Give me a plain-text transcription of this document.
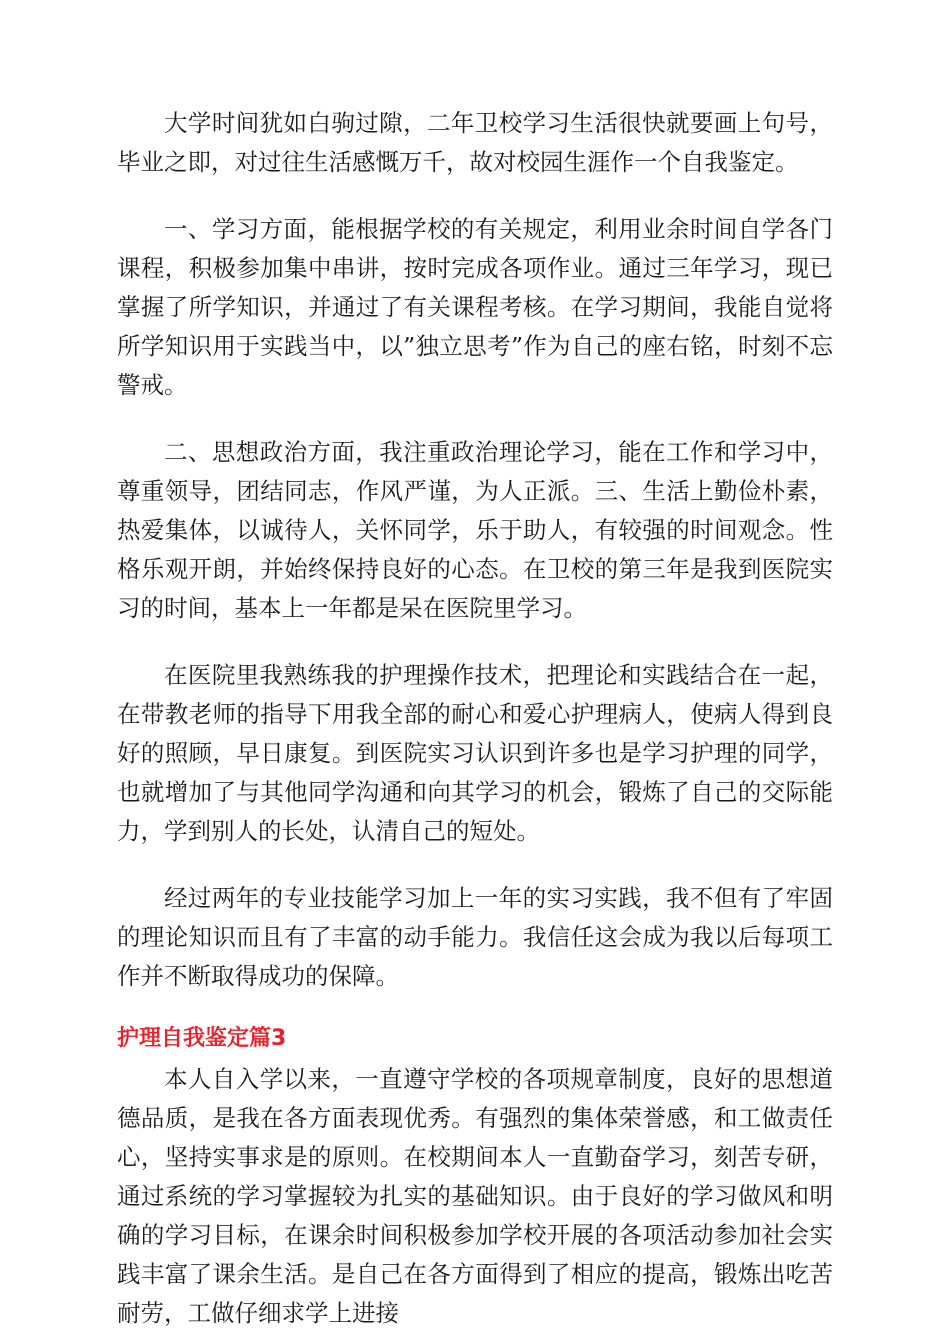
大学时间犹如白驹过隙，二年卫校学习生活很快就要画上句号，毕业之即，对过往生活感慨万千，故对校园生涯作一个自我鉴定。

一、学习方面，能根据学校的有关规定，利用业余时间自学各门课程，积极参加集中串讲，按时完成各项作业。通过三年学习，现已掌握了所学知识，并通过了有关课程考核。在学习期间，我能自觉将所学知识用于实践当中，以”独立思考”作为自己的座右铭，时刻不忘警戒。

二、思想政治方面，我注重政治理论学习，能在工作和学习中，尊重领导，团结同志，作风严谨，为人正派。三、生活上勤俭朴素，热爱集体，以诚待人，关怀同学，乐于助人，有较强的时间观念。性格乐观开朗，并始终保持良好的心态。在卫校的第三年是我到医院实习的时间，基本上一年都是呆在医院里学习。

在医院里我熟练我的护理操作技术，把理论和实践结合在一起，在带教老师的指导下用我全部的耐心和爱心护理病人，使病人得到良好的照顾，早日康复。到医院实习认识到许多也是学习护理的同学，也就增加了与其他同学沟通和向其学习的机会，锻炼了自己的交际能力，学到别人的长处，认清自己的短处。

经过两年的专业技能学习加上一年的实习实践，我不但有了牢固的理论知识而且有了丰富的动手能力。我信任这会成为我以后每项工作并不断取得成功的保障。

护理自我鉴定篇3

本人自入学以来，一直遵守学校的各项规章制度，良好的思想道德品质，是我在各方面表现优秀。有强烈的集体荣誉感，和工做责任心，坚持实事求是的原则。在校期间本人一直勤奋学习，刻苦专研，通过系统的学习掌握较为扎实的基础知识。由于良好的学习做风和明确的学习目标，在课余时间积极参加学校开展的各项活动参加社会实践丰富了课余生活。是自己在各方面得到了相应的提高，锻炼出吃苦耐劳，工做仔细求学上进接
